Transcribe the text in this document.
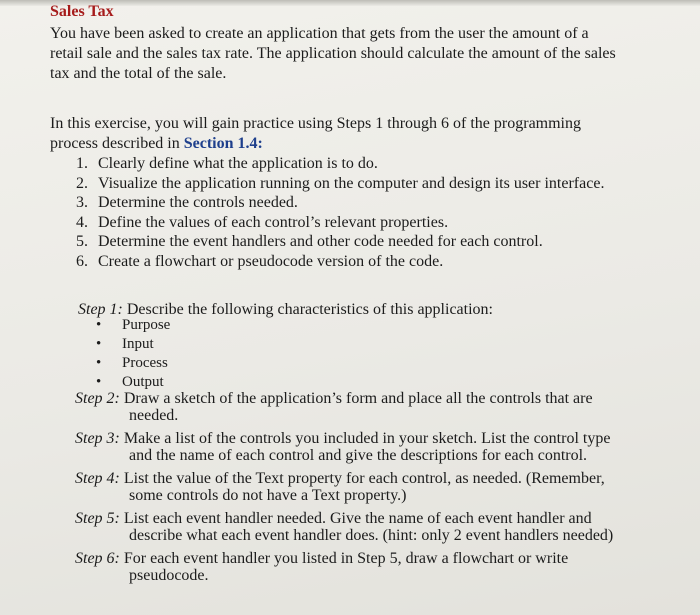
Sales Tax
You have been asked to create an application that gets from the user the amount of a
retail sale and the sales tax rate. The application should calculate the amount of the sales
tax and the total of the sale.
In this exercise, you will gain practice using Steps 1 through 6 of the programming
process described in Section 1.4:
1. Clearly define what the application is to do.
2. Visualize the application running on the computer and design its user interface.
3. Determine the controls needed.
4. Define the values of each control’s relevant properties.
5. Determine the event handlers and other code needed for each control.
6. Create a flowchart or pseudocode version of the code.
Step 1: Describe the following characteristics of this application:
• Purpose
• Input
• Process
• Output
Step 2: Draw a sketch of the application’s form and place all the controls that are
needed.
Step 3: Make a list of the controls you included in your sketch. List the control type
and the name of each control and give the descriptions for each control.
Step 4: List the value of the Text property for each control, as needed. (Remember,
some controls do not have a Text property.)
Step 5: List each event handler needed. Give the name of each event handler and
describe what each event handler does. (hint: only 2 event handlers needed)
Step 6: For each event handler you listed in Step 5, draw a flowchart or write
pseudocode.
